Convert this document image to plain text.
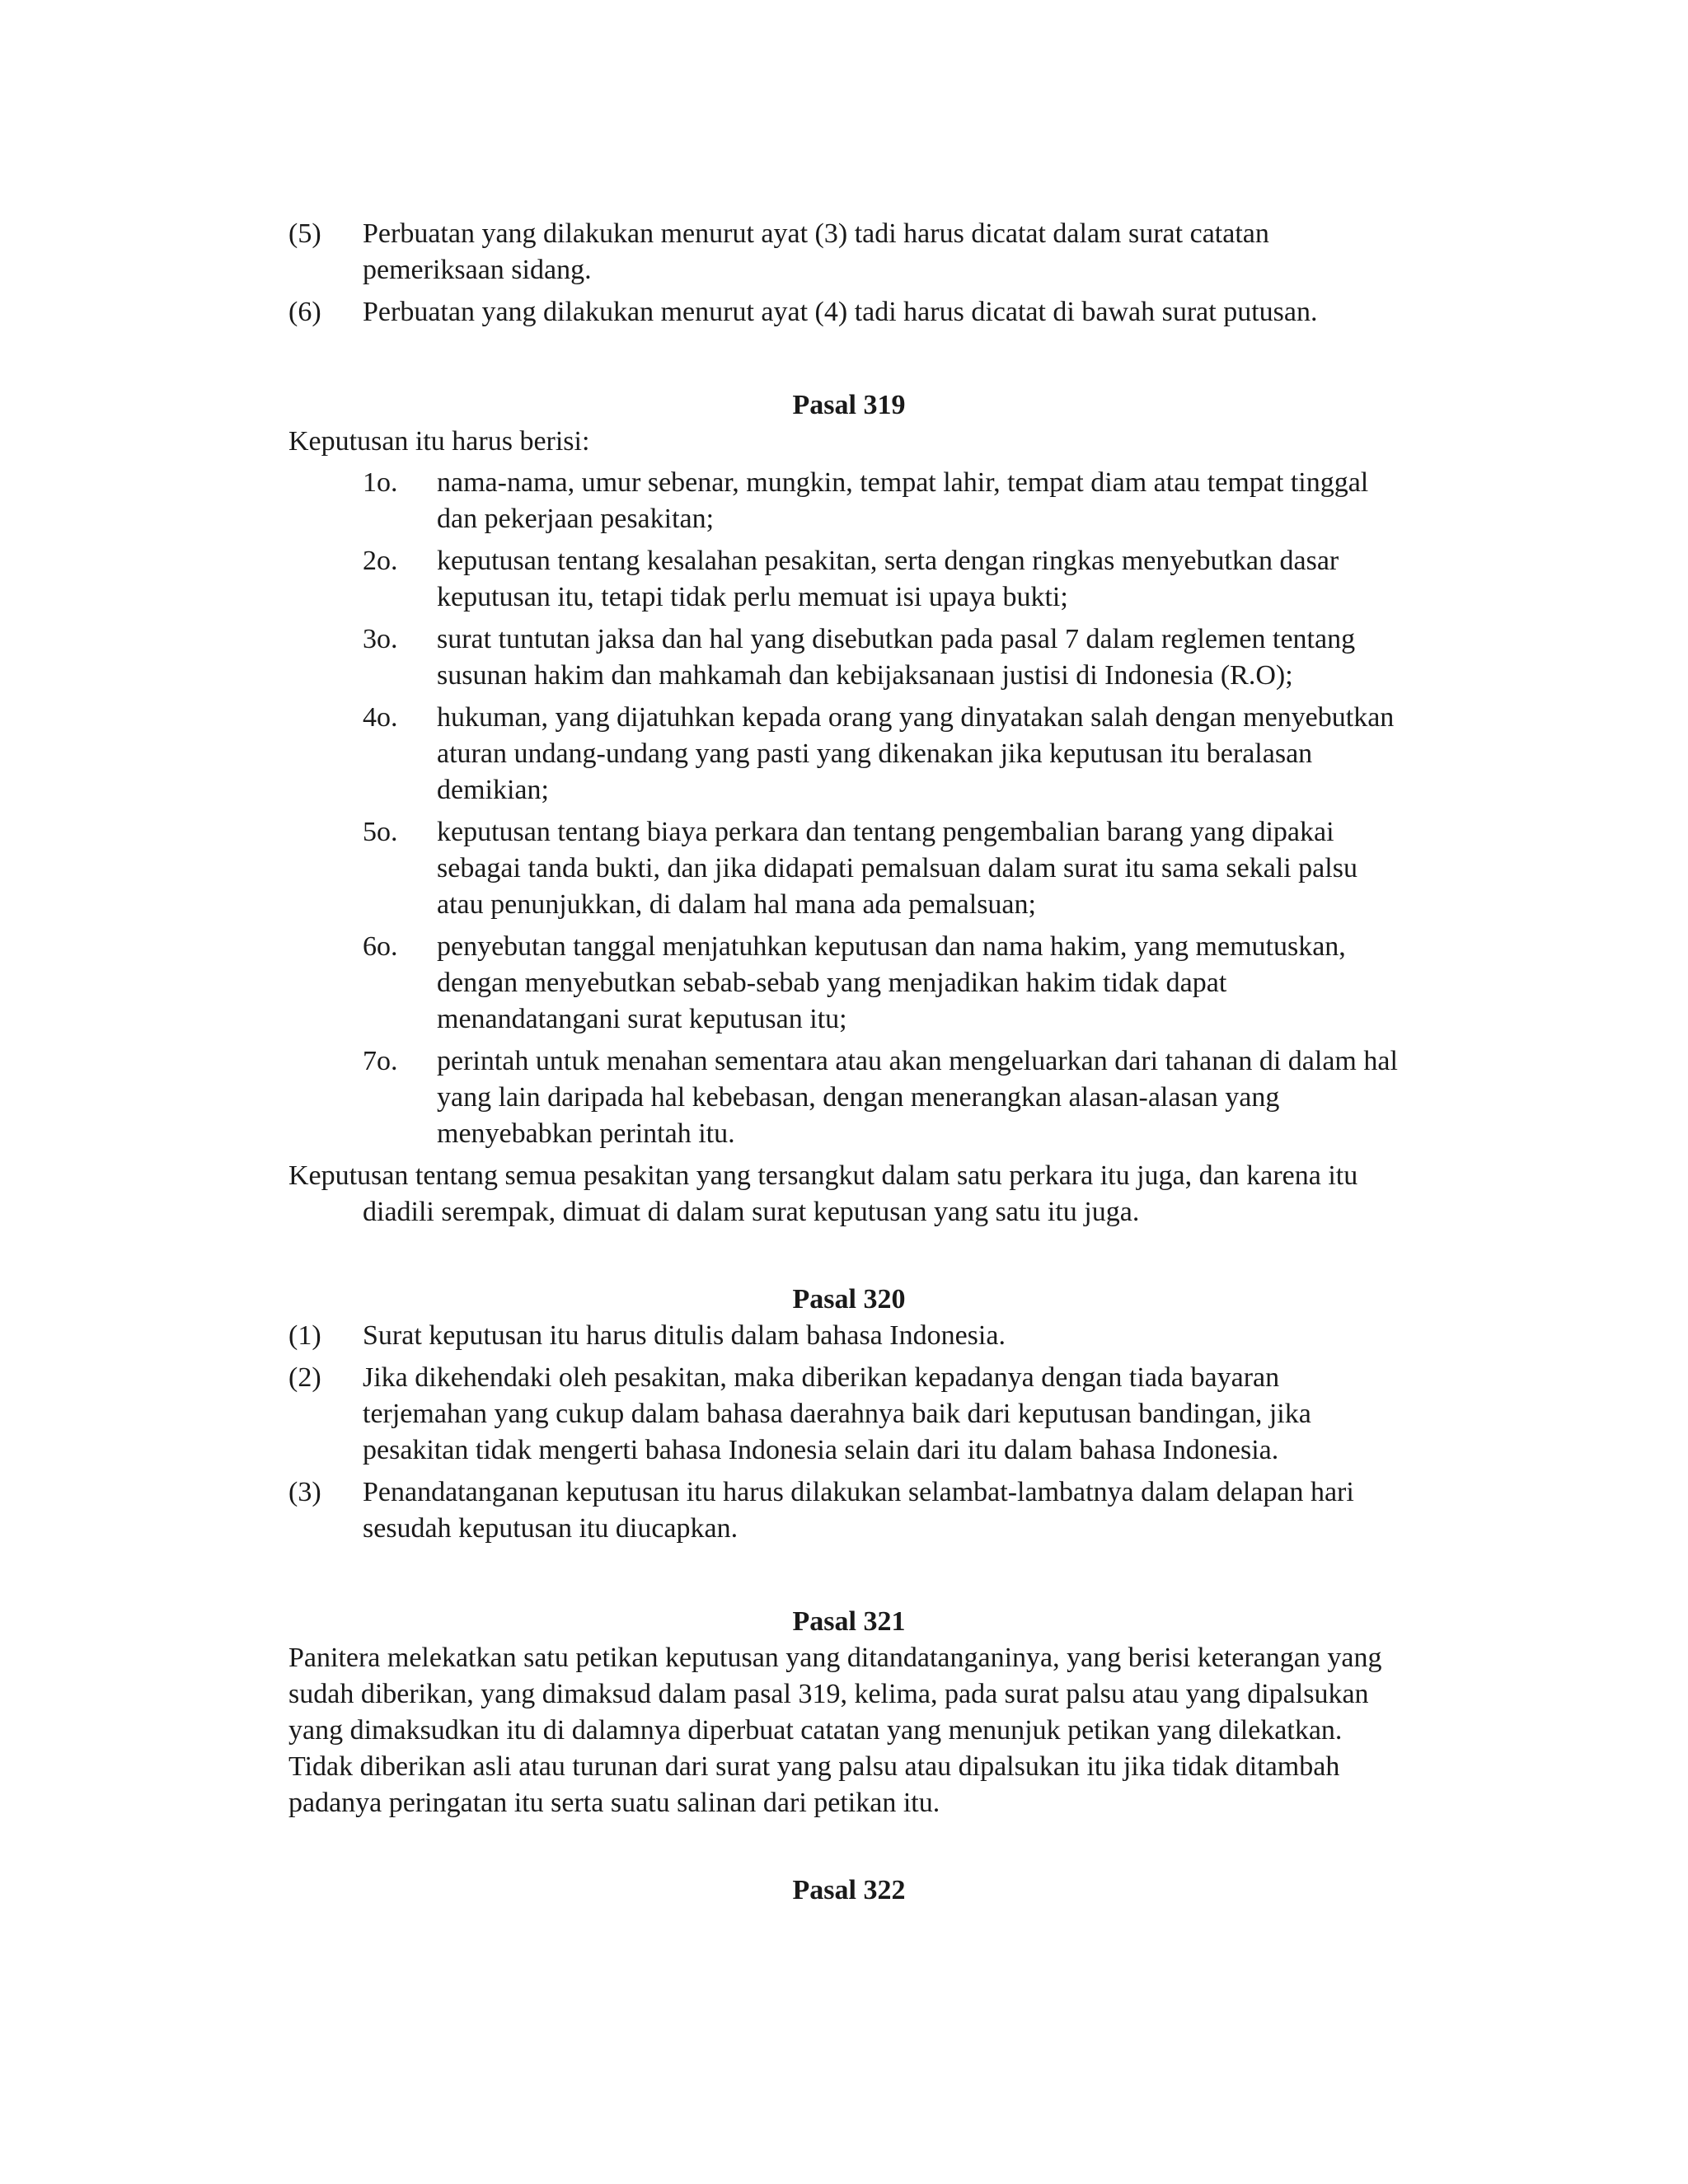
(5)	Perbuatan yang dilakukan menurut ayat (3) tadi harus dicatat dalam surat catatan pemeriksaan sidang.
(6)	Perbuatan yang dilakukan menurut ayat (4) tadi harus dicatat di bawah surat putusan.

Pasal 319

Keputusan itu harus berisi:

1o.	nama-nama, umur sebenar, mungkin, tempat lahir, tempat diam atau tempat tinggal dan pekerjaan pesakitan;
2o.	keputusan tentang kesalahan pesakitan, serta dengan ringkas menyebutkan dasar keputusan itu, tetapi tidak perlu memuat isi upaya bukti;
3o.	surat tuntutan jaksa dan hal yang disebutkan pada pasal 7 dalam reglemen tentang susunan hakim dan mahkamah dan kebijaksanaan justisi di Indonesia (R.O);
4o.	hukuman, yang dijatuhkan kepada orang yang dinyatakan salah dengan menyebutkan aturan undang-undang yang pasti yang dikenakan jika keputusan itu beralasan demikian;
5o.	keputusan tentang biaya perkara dan tentang pengembalian barang yang dipakai sebagai tanda bukti, dan jika didapati pemalsuan dalam surat itu sama sekali palsu atau penunjukkan, di dalam hal mana ada pemalsuan;
6o.	penyebutan tanggal menjatuhkan keputusan dan nama hakim, yang memutuskan, dengan menyebutkan sebab-sebab yang menjadikan hakim tidak dapat menandatangani surat keputusan itu;
7o.	perintah untuk menahan sementara atau akan mengeluarkan dari tahanan di dalam hal yang lain daripada hal kebebasan, dengan menerangkan alasan-alasan yang menyebabkan perintah itu.

Keputusan tentang semua pesakitan yang tersangkut dalam satu perkara itu juga, dan karena itu diadili serempak, dimuat di dalam surat keputusan yang satu itu juga.

Pasal 320

(1)	Surat keputusan itu harus ditulis dalam bahasa Indonesia.
(2)	Jika dikehendaki oleh pesakitan, maka diberikan kepadanya dengan tiada bayaran terjemahan yang cukup dalam bahasa daerahnya baik dari keputusan bandingan, jika pesakitan tidak mengerti bahasa Indonesia selain dari itu dalam bahasa Indonesia.
(3)	Penandatanganan keputusan itu harus dilakukan selambat-lambatnya dalam delapan hari sesudah keputusan itu diucapkan.

Pasal 321

Panitera melekatkan satu petikan keputusan yang ditandatanganinya, yang berisi keterangan yang sudah diberikan, yang dimaksud dalam pasal 319, kelima, pada surat palsu atau yang dipalsukan yang dimaksudkan itu di dalamnya diperbuat catatan yang menunjuk petikan yang dilekatkan. Tidak diberikan asli atau turunan dari surat yang palsu atau dipalsukan itu jika tidak ditambah padanya peringatan itu serta suatu salinan dari petikan itu.

Pasal 322
